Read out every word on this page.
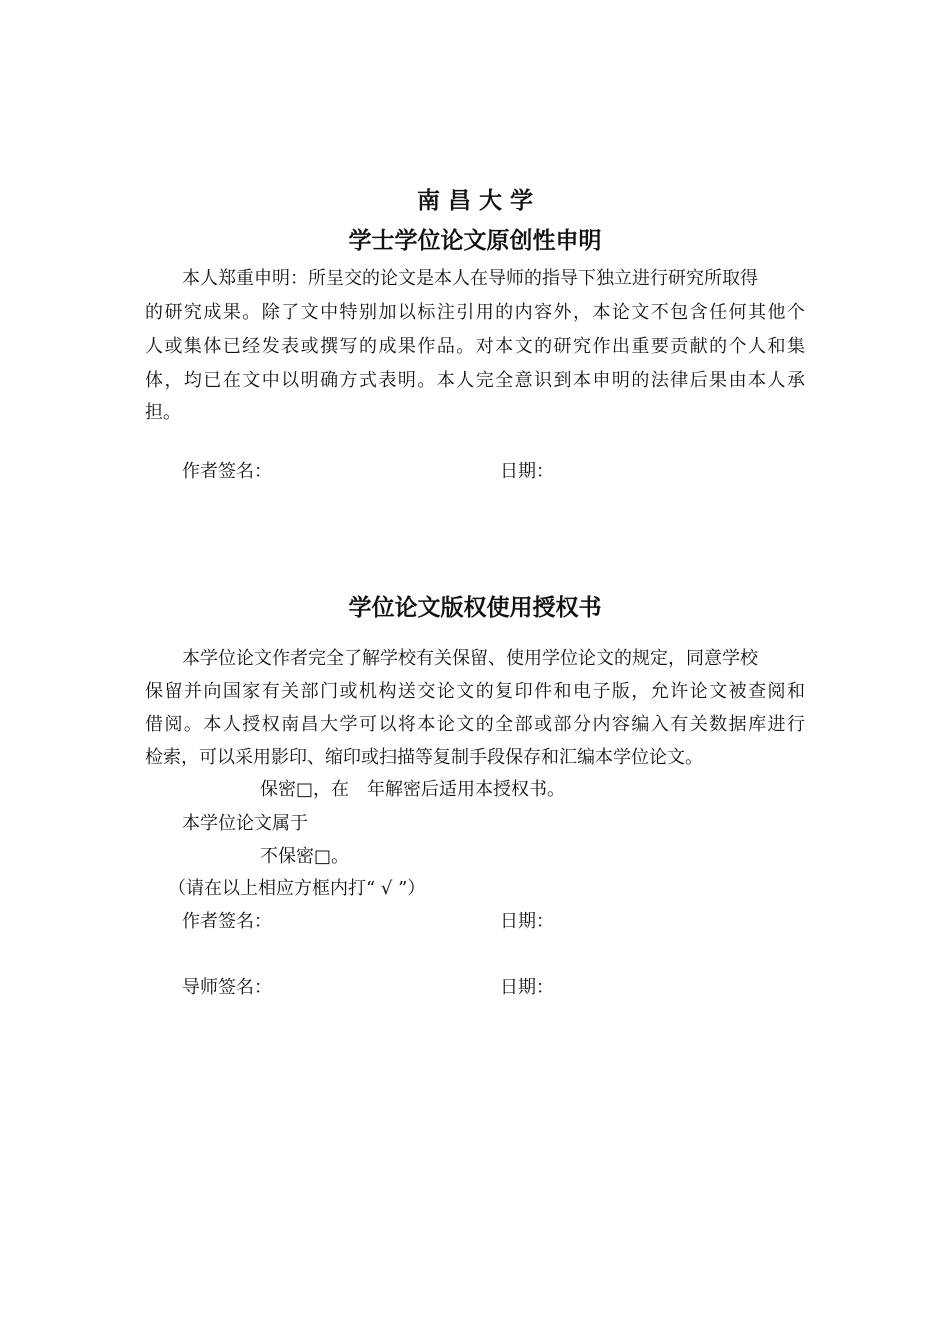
南 昌 大 学
学士学位论文原创性申明
本人郑重申明：所呈交的论文是本人在导师的指导下独立进行研究所取得
的研究成果。除了文中特别加以标注引用的内容外，本论文不包含任何其他个
人或集体已经发表或撰写的成果作品。对本文的研究作出重要贡献的个人和集
体，均已在文中以明确方式表明。本人完全意识到本申明的法律后果由本人承
担。
作者签名：	日期：
学位论文版权使用授权书
本学位论文作者完全了解学校有关保留、使用学位论文的规定，同意学校
保留并向国家有关部门或机构送交论文的复印件和电子版，允许论文被查阅和
借阅。本人授权南昌大学可以将本论文的全部或部分内容编入有关数据库进行
检索，可以采用影印、缩印或扫描等复制手段保存和汇编本学位论文。
保密□，在　年解密后适用本授权书。
本学位论文属于
不保密□。
（请在以上相应方框内打“ √ ”）
作者签名：	日期：
导师签名：	日期：
